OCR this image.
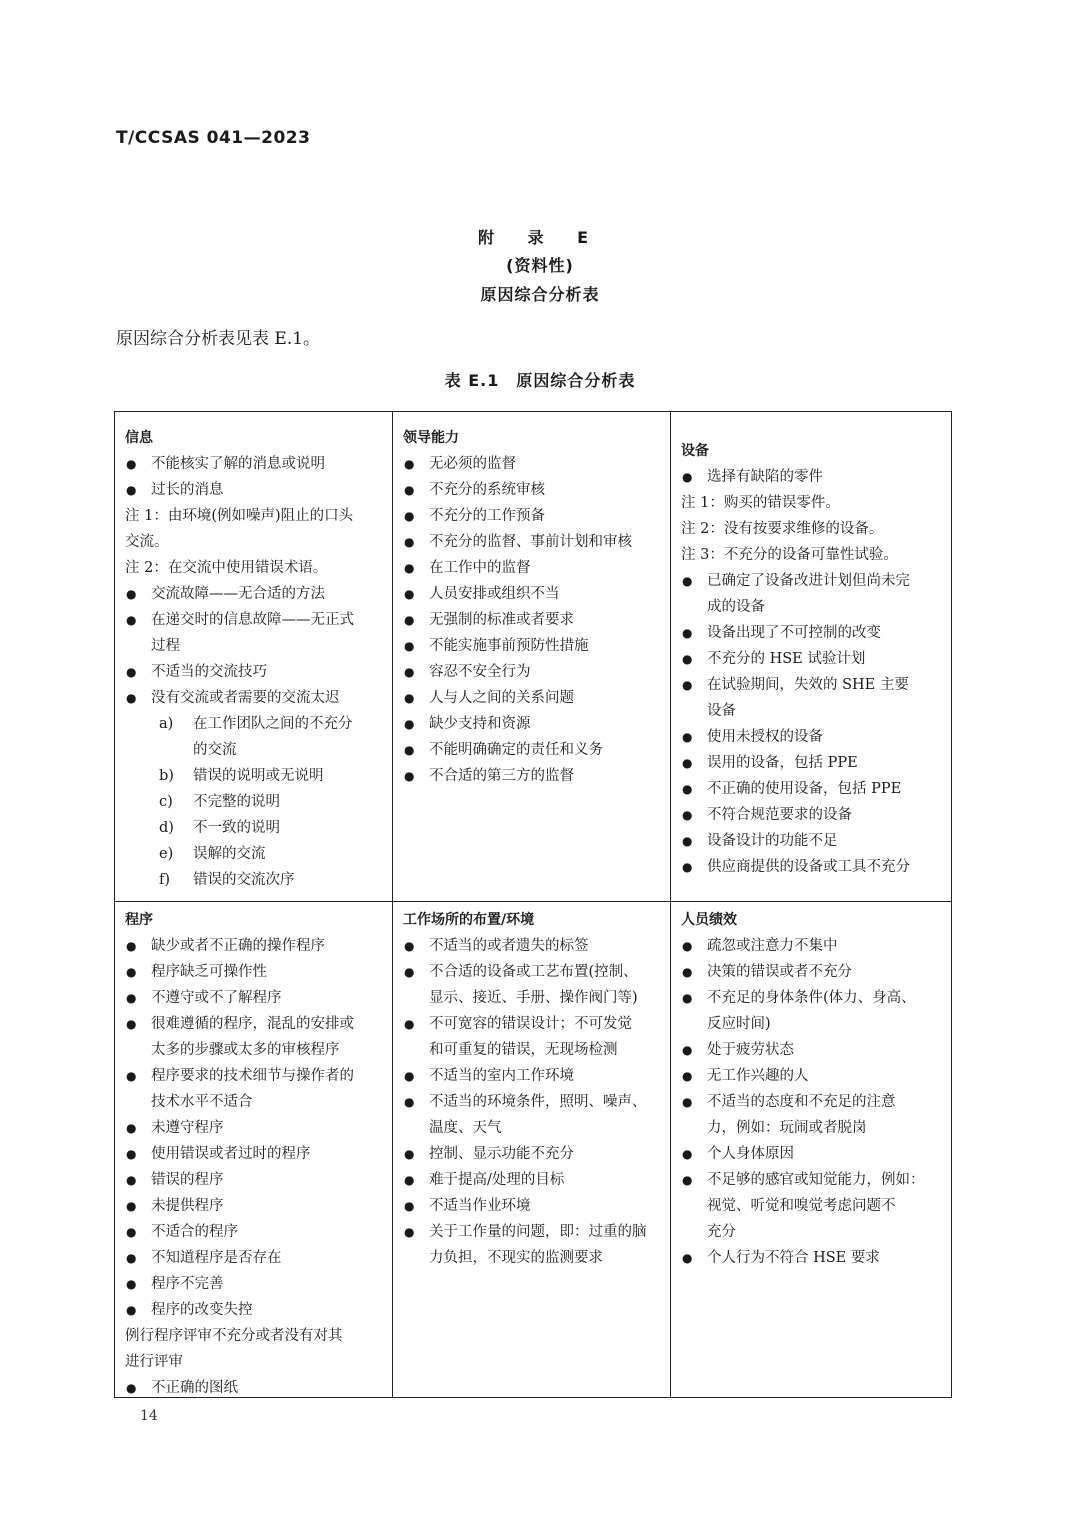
T/CCSAS 041—2023
附 录 E
(资料性)
原因综合分析表
原因综合分析表见表 E.1。
表 E.1　原因综合分析表
信息
● 不能核实了解的消息或说明
● 过长的消息
注 1：由环境(例如噪声)阻止的口头
交流。
注 2：在交流中使用错误术语。
● 交流故障——无合适的方法
● 在递交时的信息故障——无正式
过程
● 不适当的交流技巧
● 没有交流或者需要的交流太迟
a) 在工作团队之间的不充分
的交流
b) 错误的说明或无说明
c) 不完整的说明
d) 不一致的说明
e) 误解的交流
f) 错误的交流次序
领导能力
● 无必须的监督
● 不充分的系统审核
● 不充分的工作预备
● 不充分的监督、事前计划和审核
● 在工作中的监督
● 人员安排或组织不当
● 无强制的标准或者要求
● 不能实施事前预防性措施
● 容忍不安全行为
● 人与人之间的关系问题
● 缺少支持和资源
● 不能明确确定的责任和义务
● 不合适的第三方的监督
设备
● 选择有缺陷的零件
注 1：购买的错误零件。
注 2：没有按要求维修的设备。
注 3：不充分的设备可靠性试验。
● 已确定了设备改进计划但尚未完
成的设备
● 设备出现了不可控制的改变
● 不充分的 HSE 试验计划
● 在试验期间，失效的 SHE 主要
设备
● 使用未授权的设备
● 误用的设备，包括 PPE
● 不正确的使用设备，包括 PPE
● 不符合规范要求的设备
● 设备设计的功能不足
● 供应商提供的设备或工具不充分
程序
● 缺少或者不正确的操作程序
● 程序缺乏可操作性
● 不遵守或不了解程序
● 很难遵循的程序，混乱的安排或
太多的步骤或太多的审核程序
● 程序要求的技术细节与操作者的
技术水平不适合
● 未遵守程序
● 使用错误或者过时的程序
● 错误的程序
● 未提供程序
● 不适合的程序
● 不知道程序是否存在
● 程序不完善
● 程序的改变失控
例行程序评审不充分或者没有对其
进行评审
● 不正确的图纸
工作场所的布置/环境
● 不适当的或者遗失的标签
● 不合适的设备或工艺布置(控制、
显示、接近、手册、操作阀门等)
● 不可宽容的错误设计；不可发觉
和可重复的错误，无现场检测
● 不适当的室内工作环境
● 不适当的环境条件，照明、噪声、
温度、天气
● 控制、显示功能不充分
● 难于提高/处理的目标
● 不适当作业环境
● 关于工作量的问题，即：过重的脑
力负担，不现实的监测要求
人员绩效
● 疏忽或注意力不集中
● 决策的错误或者不充分
● 不充足的身体条件(体力、身高、
反应时间)
● 处于疲劳状态
● 无工作兴趣的人
● 不适当的态度和不充足的注意
力，例如：玩闹或者脱岗
● 个人身体原因
● 不足够的感官或知觉能力，例如：
视觉、听觉和嗅觉考虑问题不
充分
● 个人行为不符合 HSE 要求
14
